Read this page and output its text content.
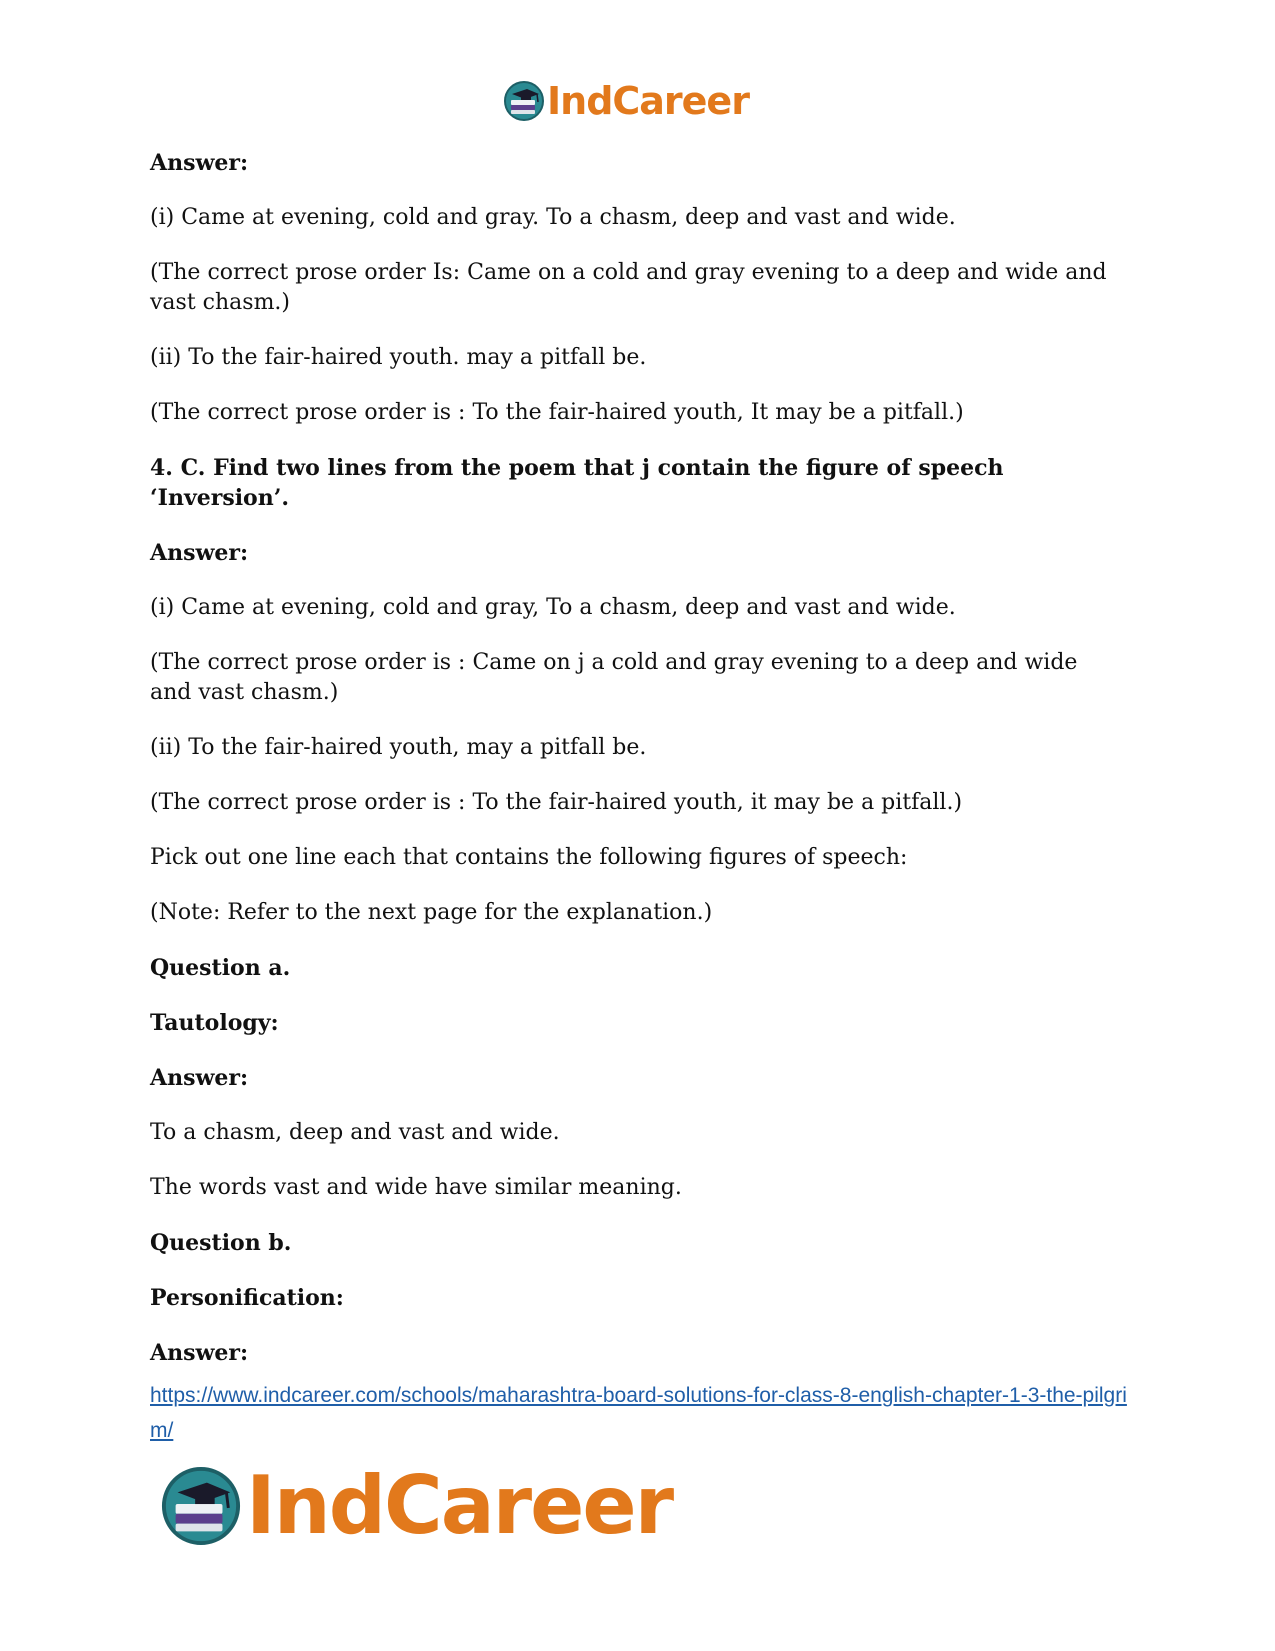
IndCareer

Answer:

(i) Came at evening, cold and gray. To a chasm, deep and vast and wide.

(The correct prose order Is: Came on a cold and gray evening to a deep and wide and vast chasm.)

(ii) To the fair-haired youth. may a pitfall be.

(The correct prose order is : To the fair-haired youth, It may be a pitfall.)

4. C. Find two lines from the poem that j contain the figure of speech ‘Inversion’.

Answer:

(i) Came at evening, cold and gray, To a chasm, deep and vast and wide.

(The correct prose order is : Came on j a cold and gray evening to a deep and wide and vast chasm.)

(ii) To the fair-haired youth, may a pitfall be.

(The correct prose order is : To the fair-haired youth, it may be a pitfall.)

Pick out one line each that contains the following figures of speech:

(Note: Refer to the next page for the explanation.)

Question a.

Tautology:

Answer:

To a chasm, deep and vast and wide.

The words vast and wide have similar meaning.

Question b.

Personification:

Answer:

https://www.indcareer.com/schools/maharashtra-board-solutions-for-class-8-english-chapter-1-3-the-pilgrim/
IndCareer
